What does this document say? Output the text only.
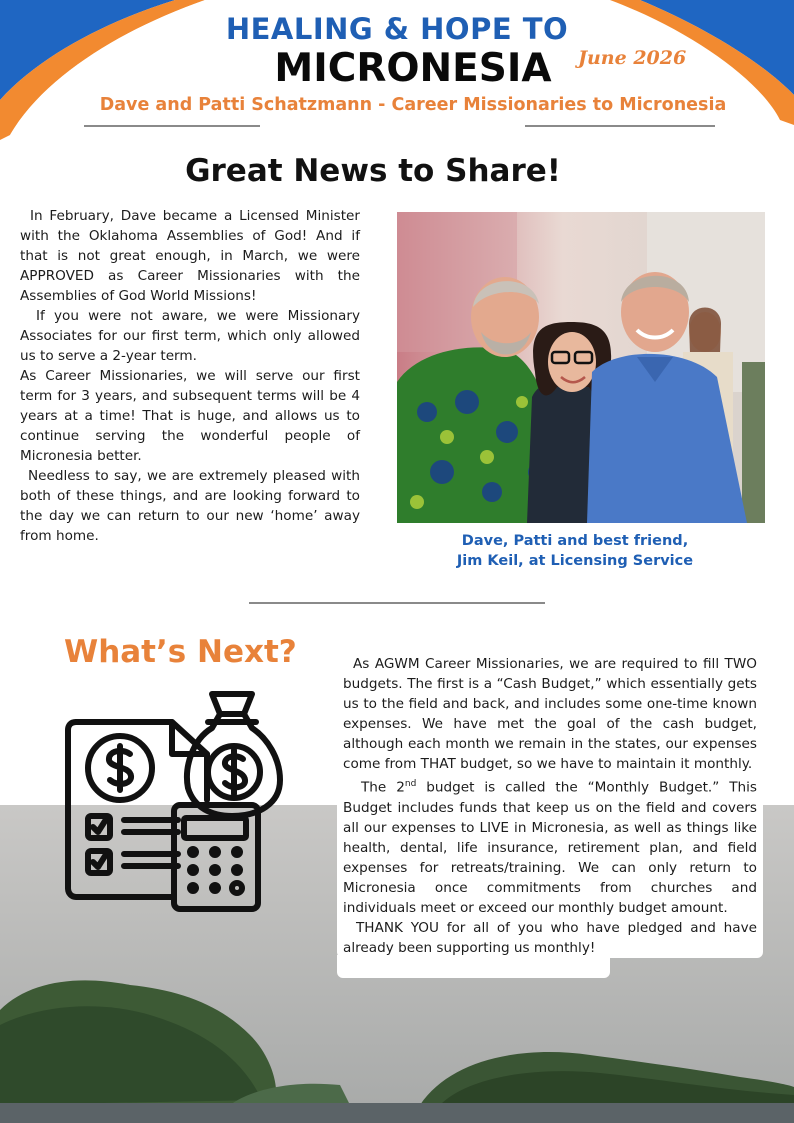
HEALING & HOPE TO
MICRONESIA	June 2026
Dave and Patti Schatzmann - Career Missionaries to Micronesia
Great News to Share!

In February, Dave became a Licensed Minister with the Oklahoma Assemblies of God! And if that is not great enough, in March, we were APPROVED as Career Missionaries with the Assemblies of God World Missions!

If you were not aware, we were Missionary Associates for our first term, which only allowed us to serve a 2-year term.

As Career Missionaries, we will serve our first term for 3 years, and subsequent terms will be 4 years at a time! That is huge, and allows us to continue serving the wonderful people of Micronesia better.

Needless to say, we are extremely pleased with both of these things, and are looking forward to the day we can return to our new ‘home’ away from home.	Dave, Patti and best friend,
Jim Keil, at Licensing Service
What’s Next?	As AGWM Career Missionaries, we are required to fill TWO budgets. The first is a “Cash Budget,” which essentially gets us to the field and back, and includes some one-time known expenses. We have met the goal of the cash budget, although each month we remain in the states, our expenses come from THAT budget, so we have to maintain it monthly.

The 2nd budget is called the “Monthly Budget.” This Budget includes funds that keep us on the field and covers all our expenses to LIVE in Micronesia, as well as things like health, dental, life insurance, retirement plan, and field expenses for retreats/training. We can only return to Micronesia once commitments from churches and individuals meet or exceed our monthly budget amount.

THANK YOU for all of you who have pledged and have already been supporting us monthly!
